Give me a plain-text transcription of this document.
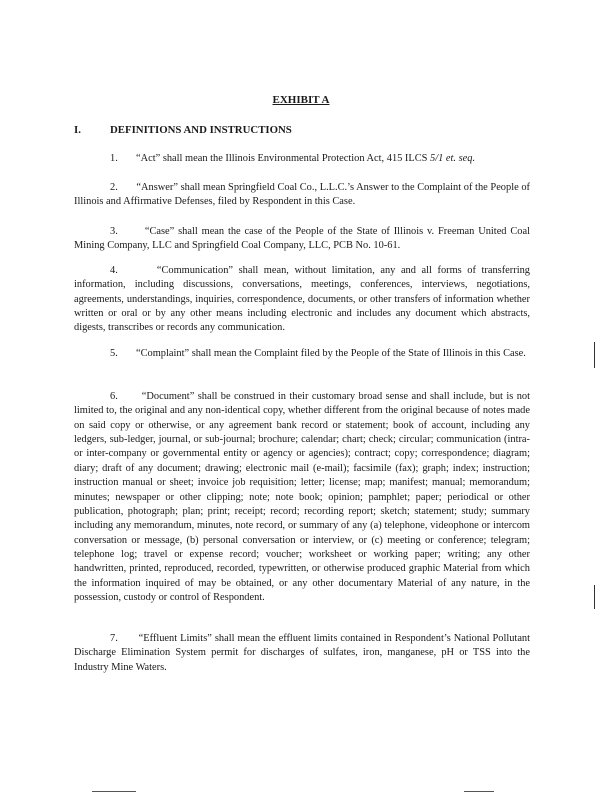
EXHIBIT A
I.	DEFINITIONS AND INSTRUCTIONS
1. “Act” shall mean the Illinois Environmental Protection Act, 415 ILCS 5/1 et. seq.
2. “Answer” shall mean Springfield Coal Co., L.L.C.’s Answer to the Complaint of the People of Illinois and Affirmative Defenses, filed by Respondent in this Case.
3.	“Case” shall mean the case of the People of the State of Illinois v. Freeman United Coal Mining Company, LLC and Springfield Coal Company, LLC, PCB No. 10-61.
4.	“Communication” shall mean, without limitation, any and all forms of transferring information, including discussions, conversations, meetings, conferences, interviews, negotiations, agreements, understandings, inquiries, correspondence, documents, or other transfers of information whether written or oral or by any other means including electronic and includes any document which abstracts, digests, transcribes or records any communication.
5. “Complaint” shall mean the Complaint filed by the People of the State of Illinois in this Case.
6. “Document” shall be construed in their customary broad sense and shall include, but is not limited to, the original and any non-identical copy, whether different from the original because of notes made on said copy or otherwise, or any agreement bank record or statement; book of account, including any ledgers, sub-ledger, journal, or sub-journal; brochure; calendar; chart; check; circular; communication (intra- or inter-company or governmental entity or agency or agencies); contract; copy; correspondence; diagram; diary; draft of any document; drawing; electronic mail (e-mail); facsimile (fax); graph; index; instruction; instruction manual or sheet; invoice job requisition; letter; license; map; manifest; manual; memorandum; minutes; newspaper or other clipping; note; note book; opinion; pamphlet; paper; periodical or other publication, photograph; plan; print; receipt; record; recording report; sketch; statement; study; summary including any memorandum, minutes, note record, or summary of any (a) telephone, videophone or intercom conversation or message, (b) personal conversation or interview, or (c) meeting or conference; telegram; telephone log; travel or expense record; voucher; worksheet or working paper; writing; any other handwritten, printed, reproduced, recorded, typewritten, or otherwise produced graphic Material from which the information inquired of may be obtained, or any other documentary Material of any nature, in the possession, custody or control of Respondent.
7. “Effluent Limits” shall mean the effluent limits contained in Respondent’s National Pollutant Discharge Elimination System permit for discharges of sulfates, iron, manganese, pH or TSS into the Industry Mine Waters.
